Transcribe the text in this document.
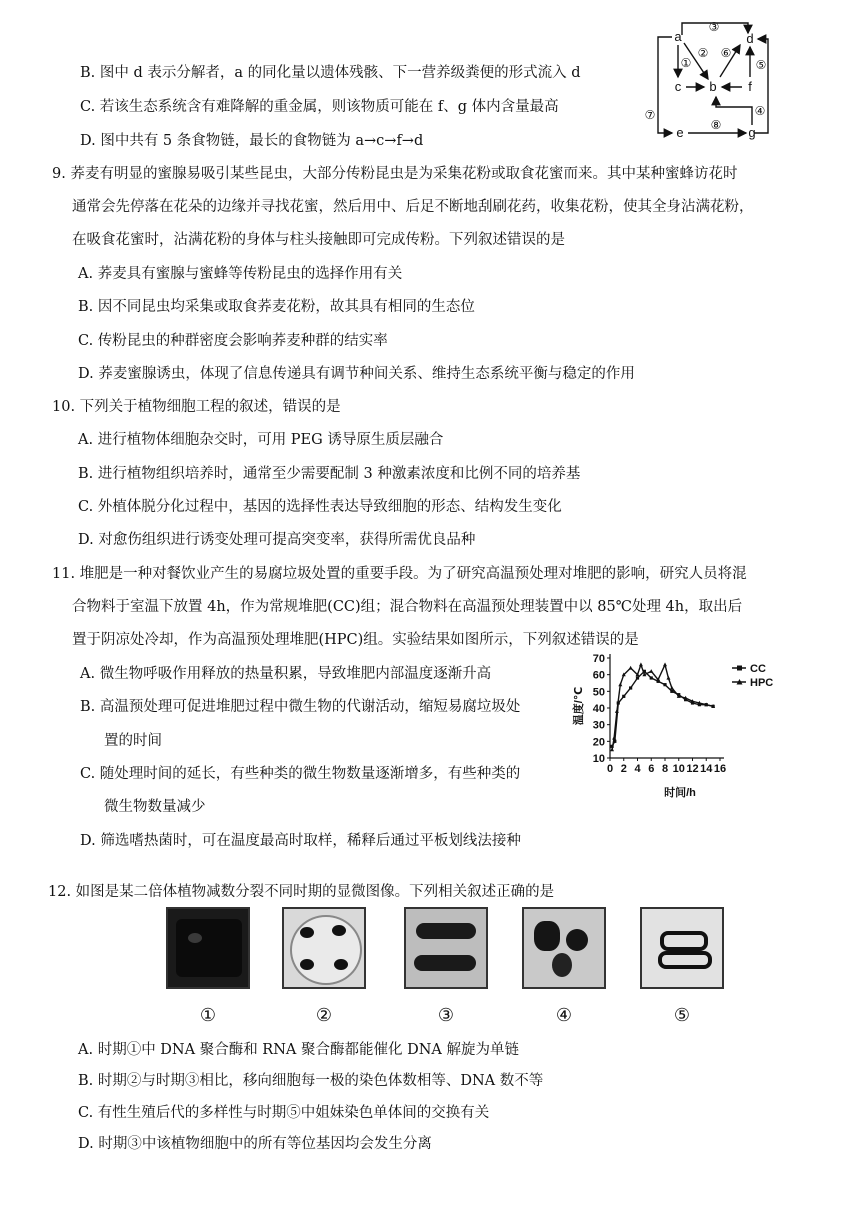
B. 图中 d 表示分解者，a 的同化量以遗体残骸、下一营养级粪便的形式流入 d
C. 若该生态系统含有难降解的重金属，则该物质可能在 f、g 体内含量最高
D. 图中共有 5 条食物链，最长的食物链为 a→c→f→d
a	d
c b f
e	g
①
②
③
④
⑤
⑥
⑦
⑧
9. 荞麦有明显的蜜腺易吸引某些昆虫，大部分传粉昆虫是为采集花粉或取食花蜜而来。其中某种蜜蜂访花时
通常会先停落在花朵的边缘并寻找花蜜，然后用中、后足不断地刮刷花药，收集花粉，使其全身沾满花粉，
在吸食花蜜时，沾满花粉的身体与柱头接触即可完成传粉。下列叙述错误的是
A. 荞麦具有蜜腺与蜜蜂等传粉昆虫的选择作用有关
B. 因不同昆虫均采集或取食荞麦花粉，故其具有相同的生态位
C. 传粉昆虫的种群密度会影响荞麦种群的结实率
D. 荞麦蜜腺诱虫，体现了信息传递具有调节种间关系、维持生态系统平衡与稳定的作用
10. 下列关于植物细胞工程的叙述，错误的是
A. 进行植物体细胞杂交时，可用 PEG 诱导原生质层融合
B. 进行植物组织培养时，通常至少需要配制 3 种激素浓度和比例不同的培养基
C. 外植体脱分化过程中，基因的选择性表达导致细胞的形态、结构发生变化
D. 对愈伤组织进行诱变处理可提高突变率，获得所需优良品种
11. 堆肥是一种对餐饮业产生的易腐垃圾处置的重要手段。为了研究高温预处理对堆肥的影响，研究人员将混
合物料于室温下放置 4h，作为常规堆肥(CC)组；混合物料在高温预处理装置中以 85℃处理 4h，取出后
置于阴凉处冷却，作为高温预处理堆肥(HPC)组。实验结果如图所示，下列叙述错误的是
A. 微生物呼吸作用释放的热量积累，导致堆肥内部温度逐渐升高
B. 高温预处理可促进堆肥过程中微生物的代谢活动，缩短易腐垃圾处
置的时间
C. 随处理时间的延长，有些种类的微生物数量逐渐增多，有些种类的
微生物数量减少
D. 筛选嗜热菌时，可在温度最高时取样，稀释后通过平板划线法接种
10
20
30
40
50
60
70
0 2 4 6 8 10 12 14 16
CC
HPC
温度/℃
时间/h
12. 如图是某二倍体植物减数分裂不同时期的显微图像。下列相关叙述正确的是
①	②	③	④	⑤
A. 时期①中 DNA 聚合酶和 RNA 聚合酶都能催化 DNA 解旋为单链
B. 时期②与时期③相比，移向细胞每一极的染色体数相等、DNA 数不等
C. 有性生殖后代的多样性与时期⑤中姐妹染色单体间的交换有关
D. 时期③中该植物细胞中的所有等位基因均会发生分离
